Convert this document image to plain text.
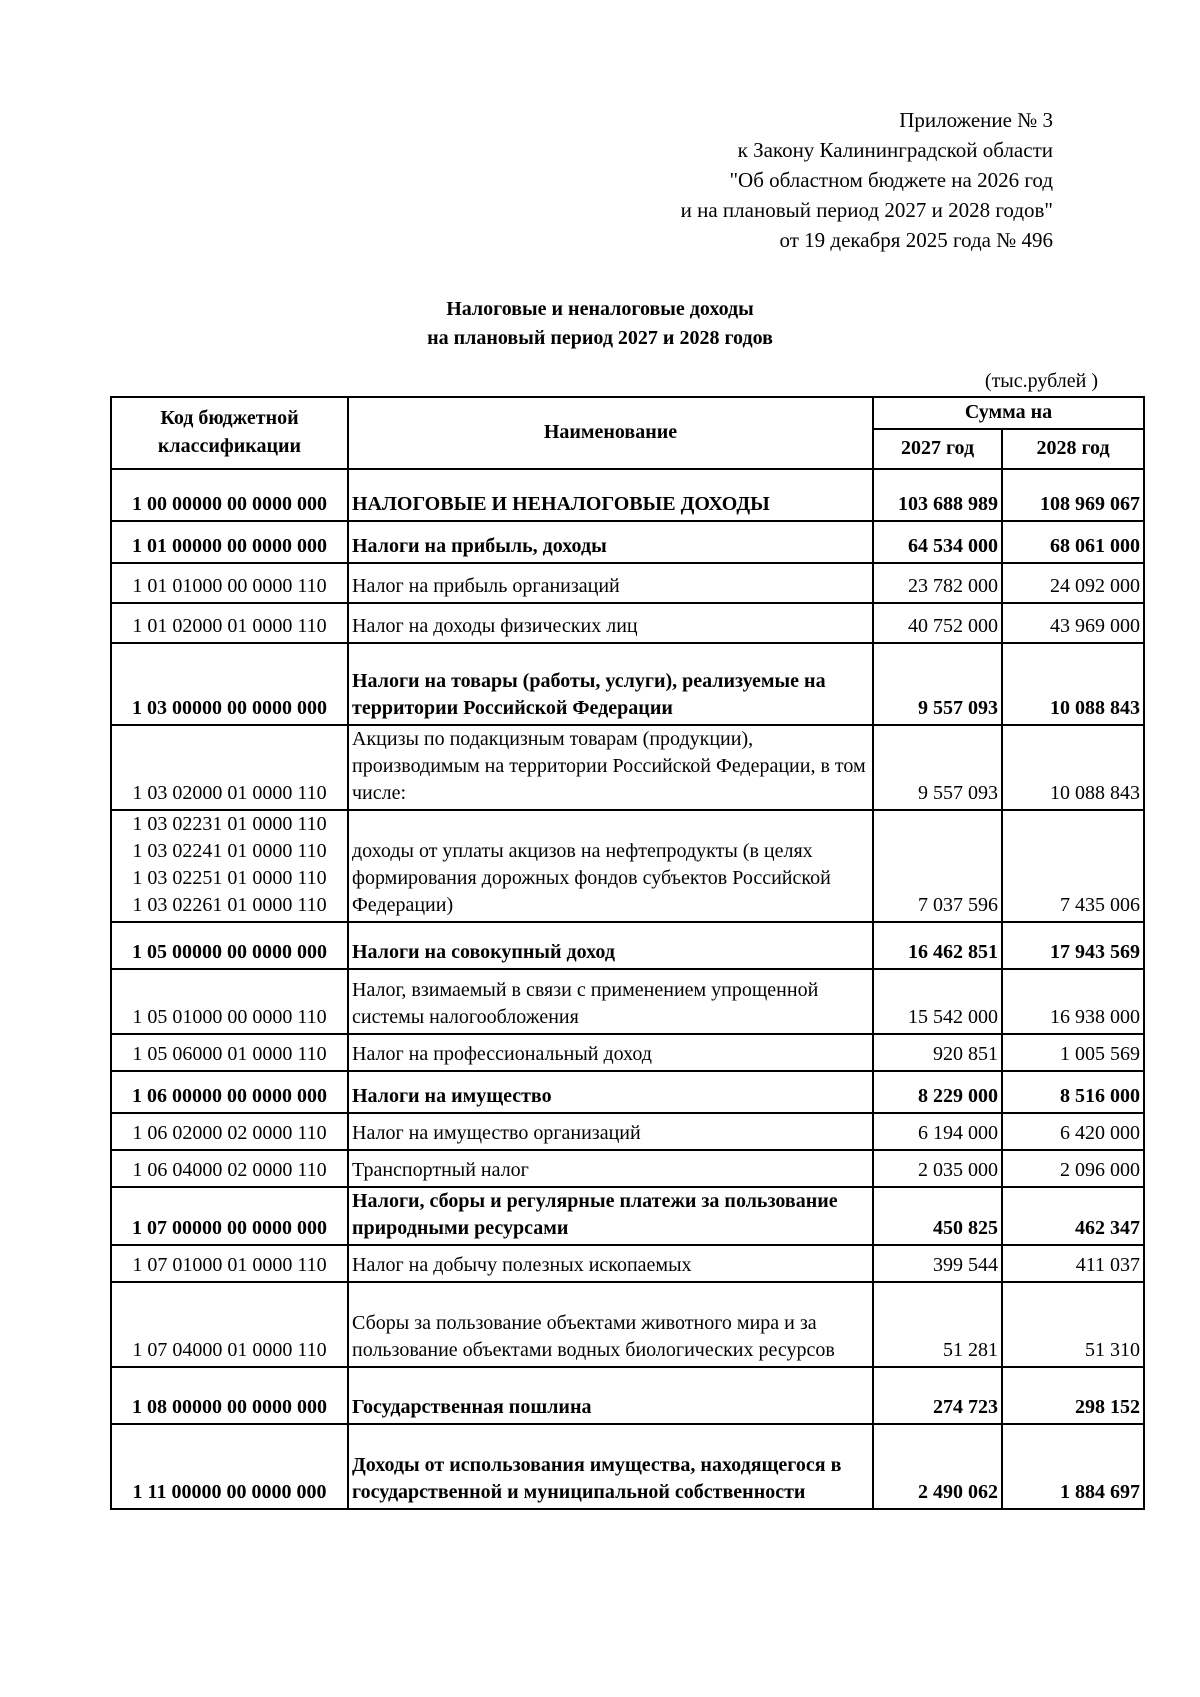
Приложение № 3
к Закону Калининградской области
"Об областном бюджете на 2026 год
и на плановый период 2027 и 2028 годов"
от 19 декабря 2025 года № 496
Налоговые и неналоговые доходы
на плановый период 2027 и 2028 годов
(тыс.рублей )
Код бюджетной классификации	Наименование	Сумма на	
		2027 год	2028 год

1 00 00000 00 0000 000	НАЛОГОВЫЕ И НЕНАЛОГОВЫЕ ДОХОДЫ	103 688 989	108 969 067

1 01 00000 00 0000 000	Налоги на прибыль, доходы	64 534 000	68 061 000

1 01 01000 00 0000 110	Налог на прибыль организаций	23 782 000	24 092 000

1 01 02000 01 0000 110	Налог на доходы физических лиц	40 752 000	43 969 000

1 03 00000 00 0000 000	Налоги на товары (работы, услуги), реализуемые на территории Российской Федерации	9 557 093	10 088 843

1 03 02000 01 0000 110	Акцизы по подакцизным товарам (продукции), производимым на территории Российской Федерации, в том числе:	9 557 093	10 088 843

1 03 02231 01 0000 110
1 03 02241 01 0000 110
1 03 02251 01 0000 110
1 03 02261 01 0000 110	доходы от уплаты акцизов на нефтепродукты (в целях формирования дорожных фондов субъектов Российской Федерации)	7 037 596	7 435 006

1 05 00000 00 0000 000	Налоги на совокупный доход	16 462 851	17 943 569

1 05 01000 00 0000 110	Налог, взимаемый в связи с применением упрощенной системы налогообложения	15 542 000	16 938 000

1 05 06000 01 0000 110	Налог на профессиональный доход	920 851	1 005 569

1 06 00000 00 0000 000	Налоги на имущество	8 229 000	8 516 000

1 06 02000 02 0000 110	Налог на имущество организаций	6 194 000	6 420 000

1 06 04000 02 0000 110	Транспортный налог	2 035 000	2 096 000

1 07 00000 00 0000 000	Налоги, сборы и регулярные платежи за пользование природными ресурсами	450 825	462 347

1 07 01000 01 0000 110	Налог на добычу полезных ископаемых	399 544	411 037

1 07 04000 01 0000 110	Сборы за пользование объектами животного мира и за пользование объектами водных биологических ресурсов	51 281	51 310

1 08 00000 00 0000 000	Государственная пошлина	274 723	298 152

1 11 00000 00 0000 000	Доходы от использования имущества, находящегося в государственной и муниципальной собственности	2 490 062	1 884 697
